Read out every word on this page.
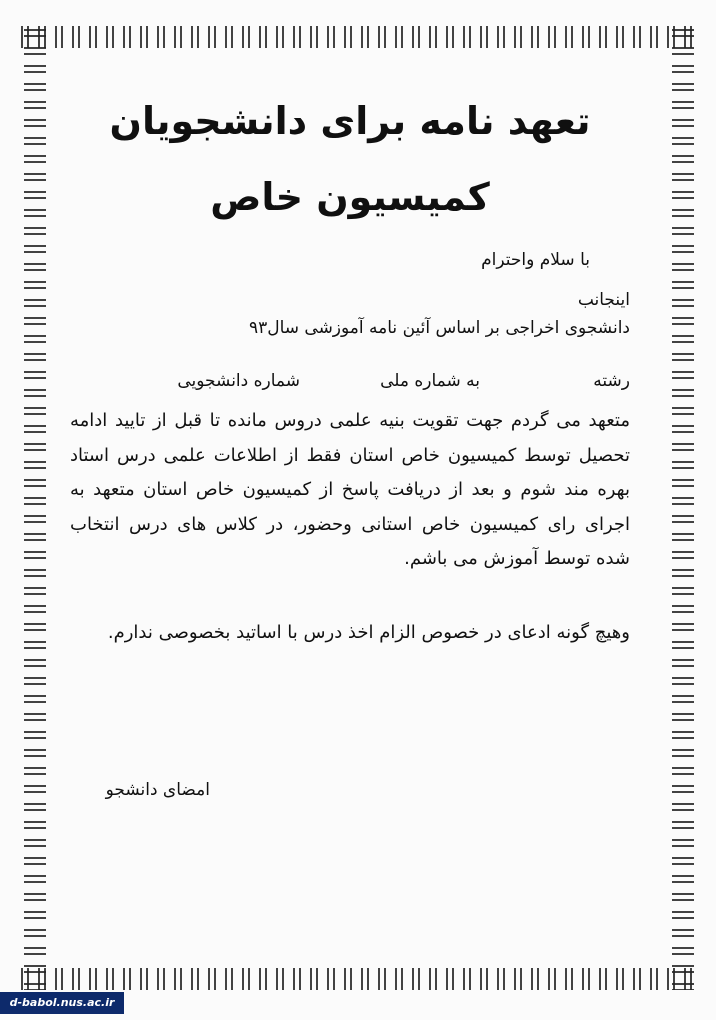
تعهد نامه برای دانشجویان
کمیسیون خاص
با سلام واحترام
اینجانب
دانشجوی اخراجی بر اساس آئین نامه آموزشی سال۹۳
رشته
به شماره ملی
شماره دانشجویی
متعهد می گردم جهت تقویت بنیه علمی دروس مانده تا قبل از تایید ادامه تحصیل توسط کمیسیون خاص استان فقط از اطلاعات علمی درس استاد بهره مند شوم و بعد از دریافت پاسخ از کمیسیون خاص استان متعهد به اجرای رای کمیسیون خاص استانی وحضور، در کلاس های درس انتخاب شده توسط آموزش می باشم.
وهیچ گونه ادعای در خصوص الزام اخذ درس با اساتید بخصوصی ندارم.
امضای دانشجو
d-babol.nus.ac.ir
